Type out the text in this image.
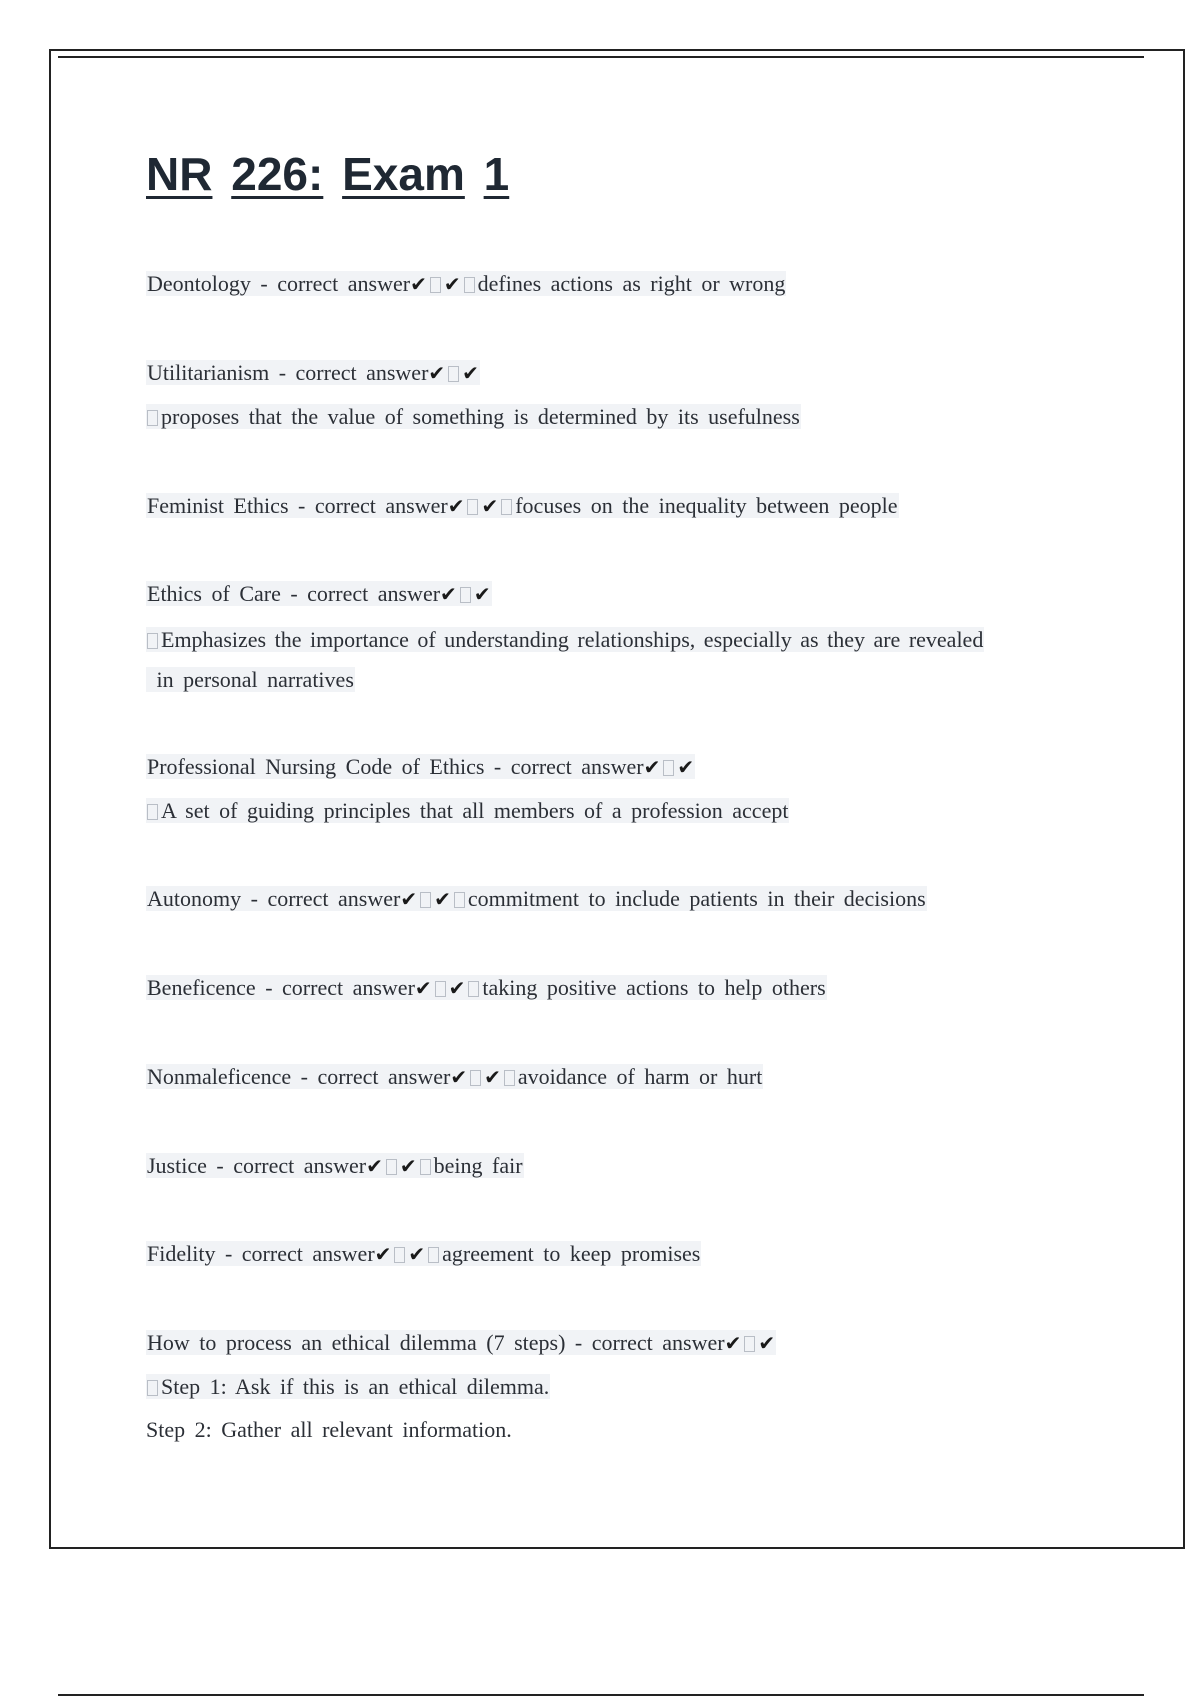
NR 226: Exam 1

Deontology - correct answer✔ ✔ defines actions as right or wrong

Utilitarianism - correct answer✔ ✔

proposes that the value of something is determined by its usefulness

Feminist Ethics - correct answer✔ ✔ focuses on the inequality between people

Ethics of Care - correct answer✔ ✔

Emphasizes the importance of understanding relationships, especially as they are revealed

in personal narratives

Professional Nursing Code of Ethics - correct answer✔ ✔

A set of guiding principles that all members of a profession accept

Autonomy - correct answer✔ ✔ commitment to include patients in their decisions

Beneficence - correct answer✔ ✔ taking positive actions to help others

Nonmaleficence - correct answer✔ ✔ avoidance of harm or hurt

Justice - correct answer✔ ✔ being fair

Fidelity - correct answer✔ ✔ agreement to keep promises

How to process an ethical dilemma (7 steps) - correct answer✔ ✔

Step 1: Ask if this is an ethical dilemma.

Step 2: Gather all relevant information.
